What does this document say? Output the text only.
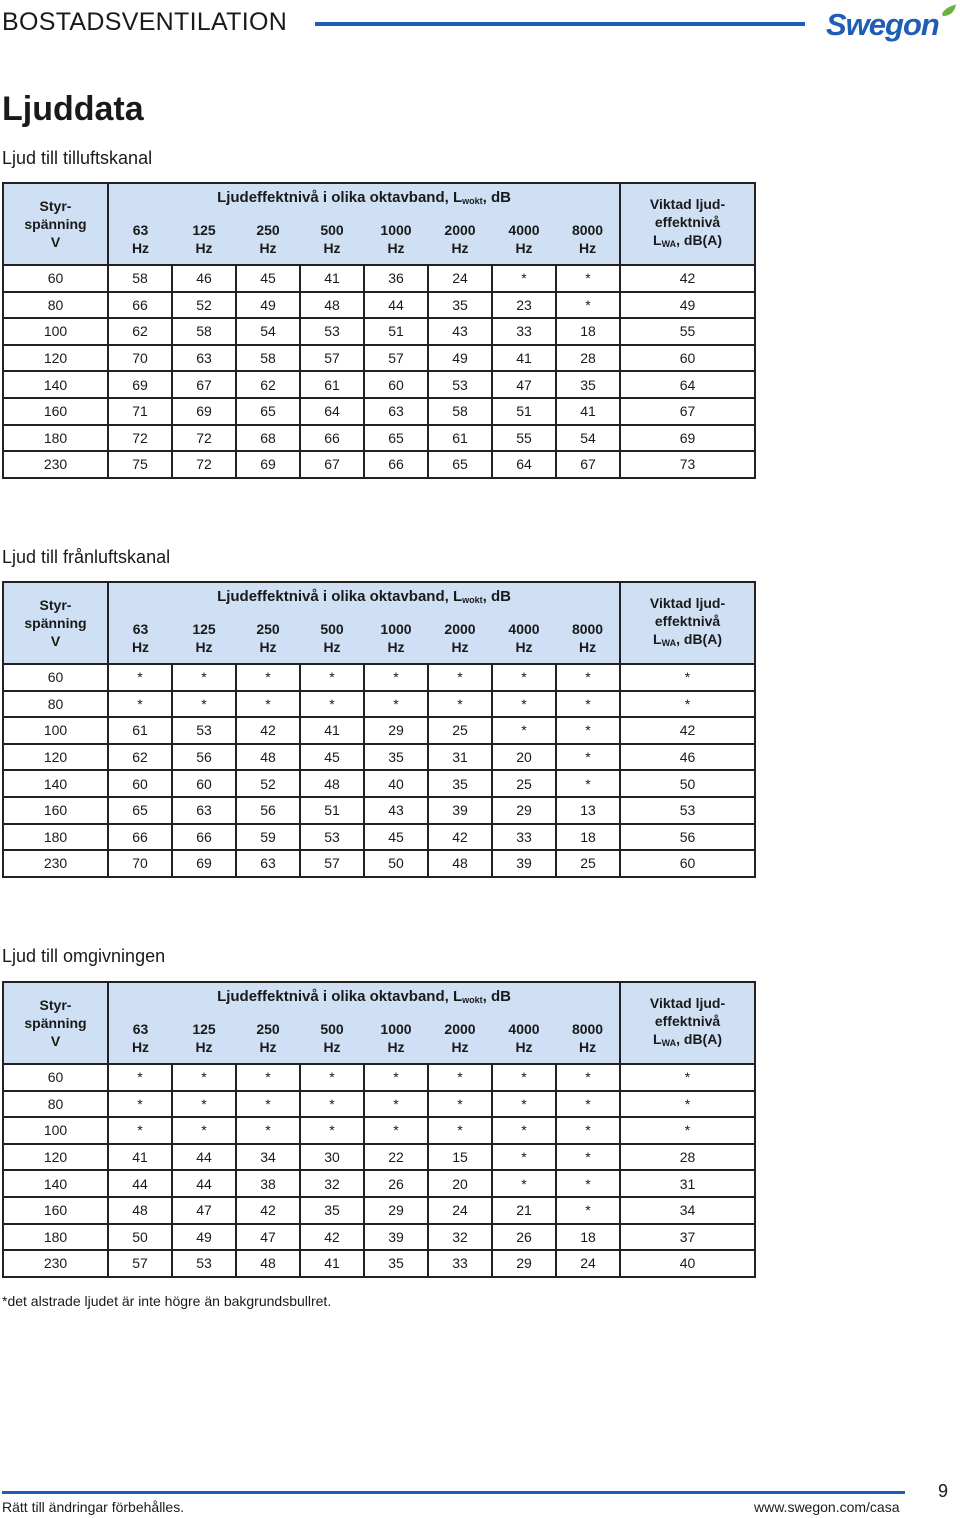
BOSTADSVENTILATION	Swegon
Ljuddata
Ljud till tilluftskanal
Styr-
spänning
V	Ljudeffektnivå i olika oktavband, $L_{wokt}$, dB								Viktad ljud-
effektnivå
$L_{WA}$, dB(A)
	63
Hz	125
Hz	250
Hz	500
Hz	1000
Hz	2000
Hz	4000
Hz	8000
Hz	
60	58	46	45	41	36	24	*	*	42
80	66	52	49	48	44	35	23	*	49
100	62	58	54	53	51	43	33	18	55
120	70	63	58	57	57	49	41	28	60
140	69	67	62	61	60	53	47	35	64
160	71	69	65	64	63	58	51	41	67
180	72	72	68	66	65	61	55	54	69
230	75	72	69	67	66	65	64	67	73
Ljud till frånluftskanal
Styr-
spänning
V	Ljudeffektnivå i olika oktavband, $L_{wokt}$, dB								Viktad ljud-
effektnivå
$L_{WA}$, dB(A)
	63
Hz	125
Hz	250
Hz	500
Hz	1000
Hz	2000
Hz	4000
Hz	8000
Hz	
60	*	*	*	*	*	*	*	*	*
80	*	*	*	*	*	*	*	*	*
100	61	53	42	41	29	25	*	*	42
120	62	56	48	45	35	31	20	*	46
140	60	60	52	48	40	35	25	*	50
160	65	63	56	51	43	39	29	13	53
180	66	66	59	53	45	42	33	18	56
230	70	69	63	57	50	48	39	25	60
Ljud till omgivningen
Styr-
spänning
V	Ljudeffektnivå i olika oktavband, $L_{wokt}$, dB								Viktad ljud-
effektnivå
$L_{WA}$, dB(A)
	63
Hz	125
Hz	250
Hz	500
Hz	1000
Hz	2000
Hz	4000
Hz	8000
Hz	
60	*	*	*	*	*	*	*	*	*
80	*	*	*	*	*	*	*	*	*
100	*	*	*	*	*	*	*	*	*
120	41	44	34	30	22	15	*	*	28
140	44	44	38	32	26	20	*	*	31
160	48	47	42	35	29	24	21	*	34
180	50	49	47	42	39	32	26	18	37
230	57	53	48	41	35	33	29	24	40
*det alstrade ljudet är inte högre än bakgrundsbullret.
Rätt till ändringar förbehålles.	www.swegon.com/casa
9
